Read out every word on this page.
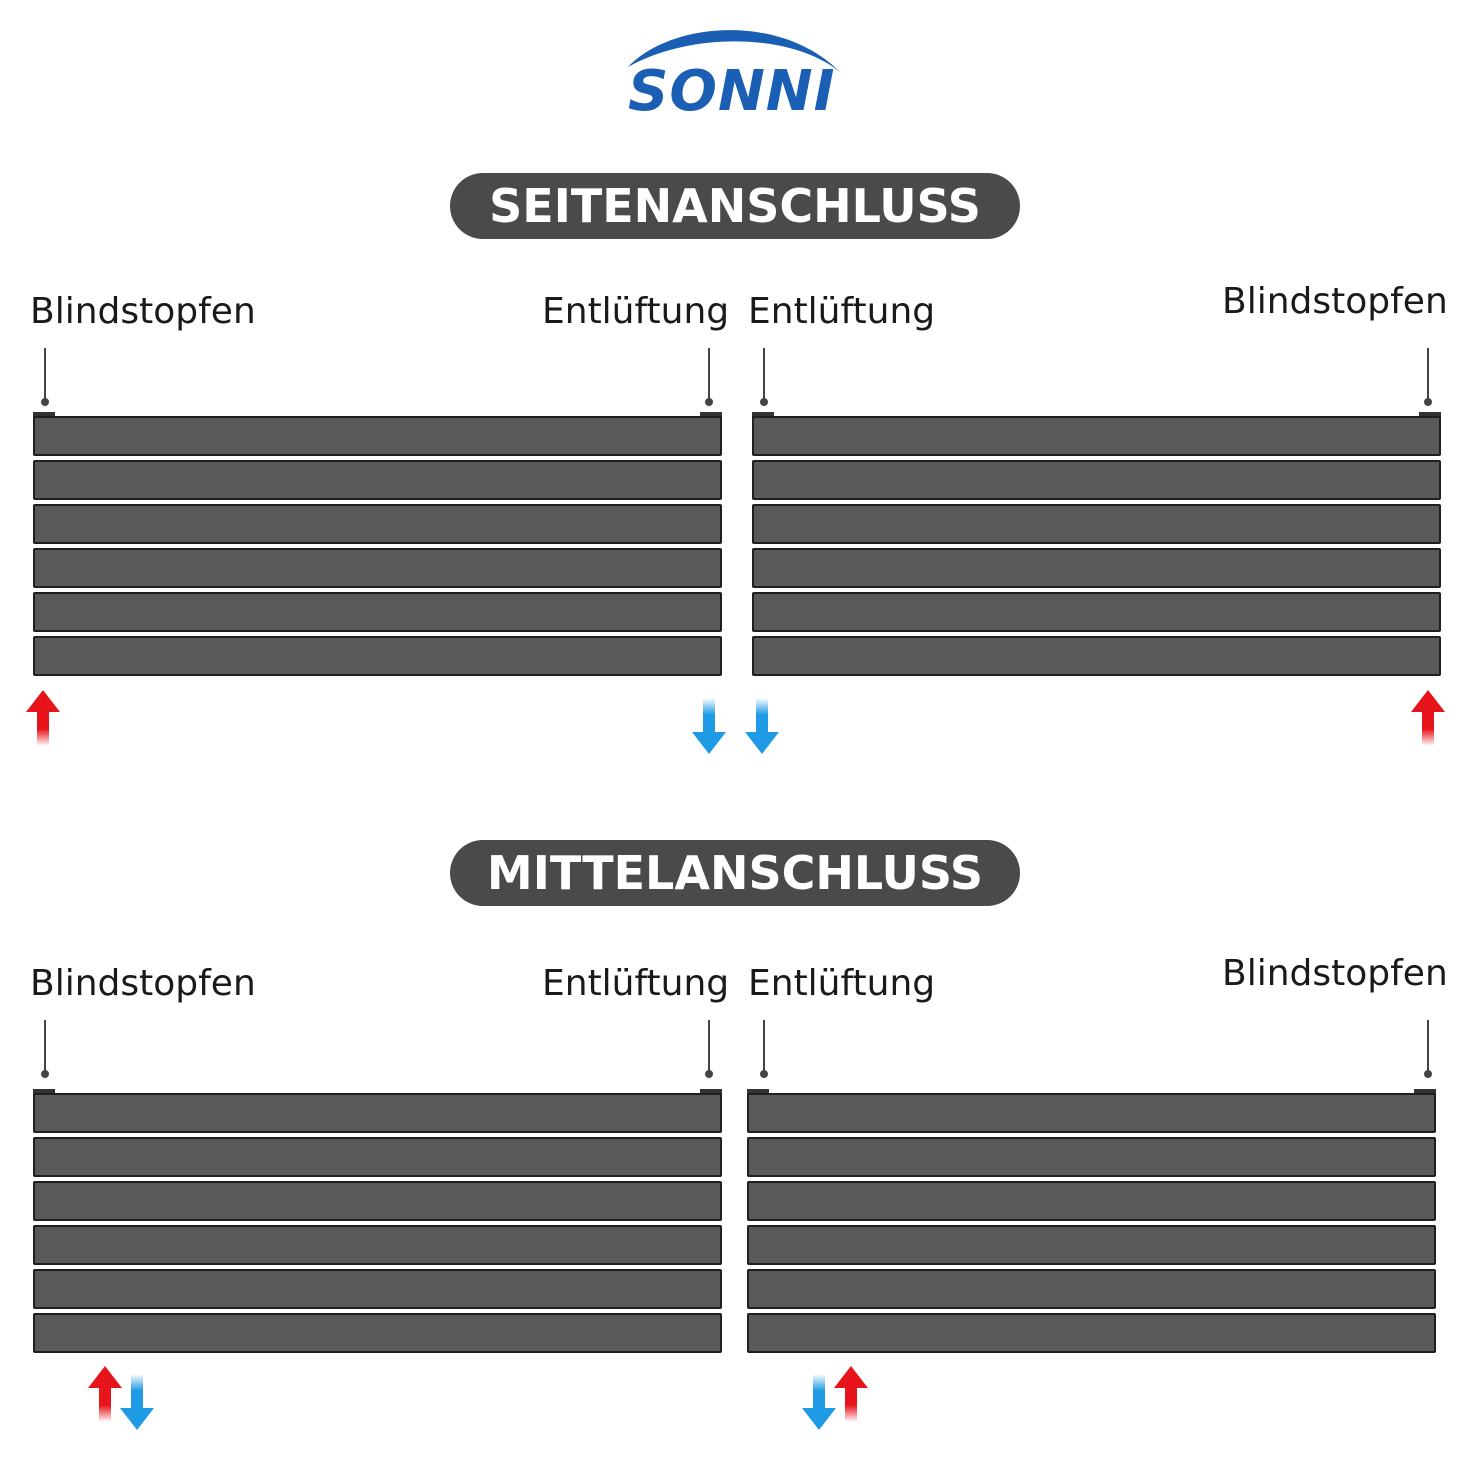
SONNI
SEITENANSCHLUSS
Blindstopfen	Entlüftung Entlüftung	Blindstopfen
MITTELANSCHLUSS
Blindstopfen	Entlüftung Entlüftung	Blindstopfen
